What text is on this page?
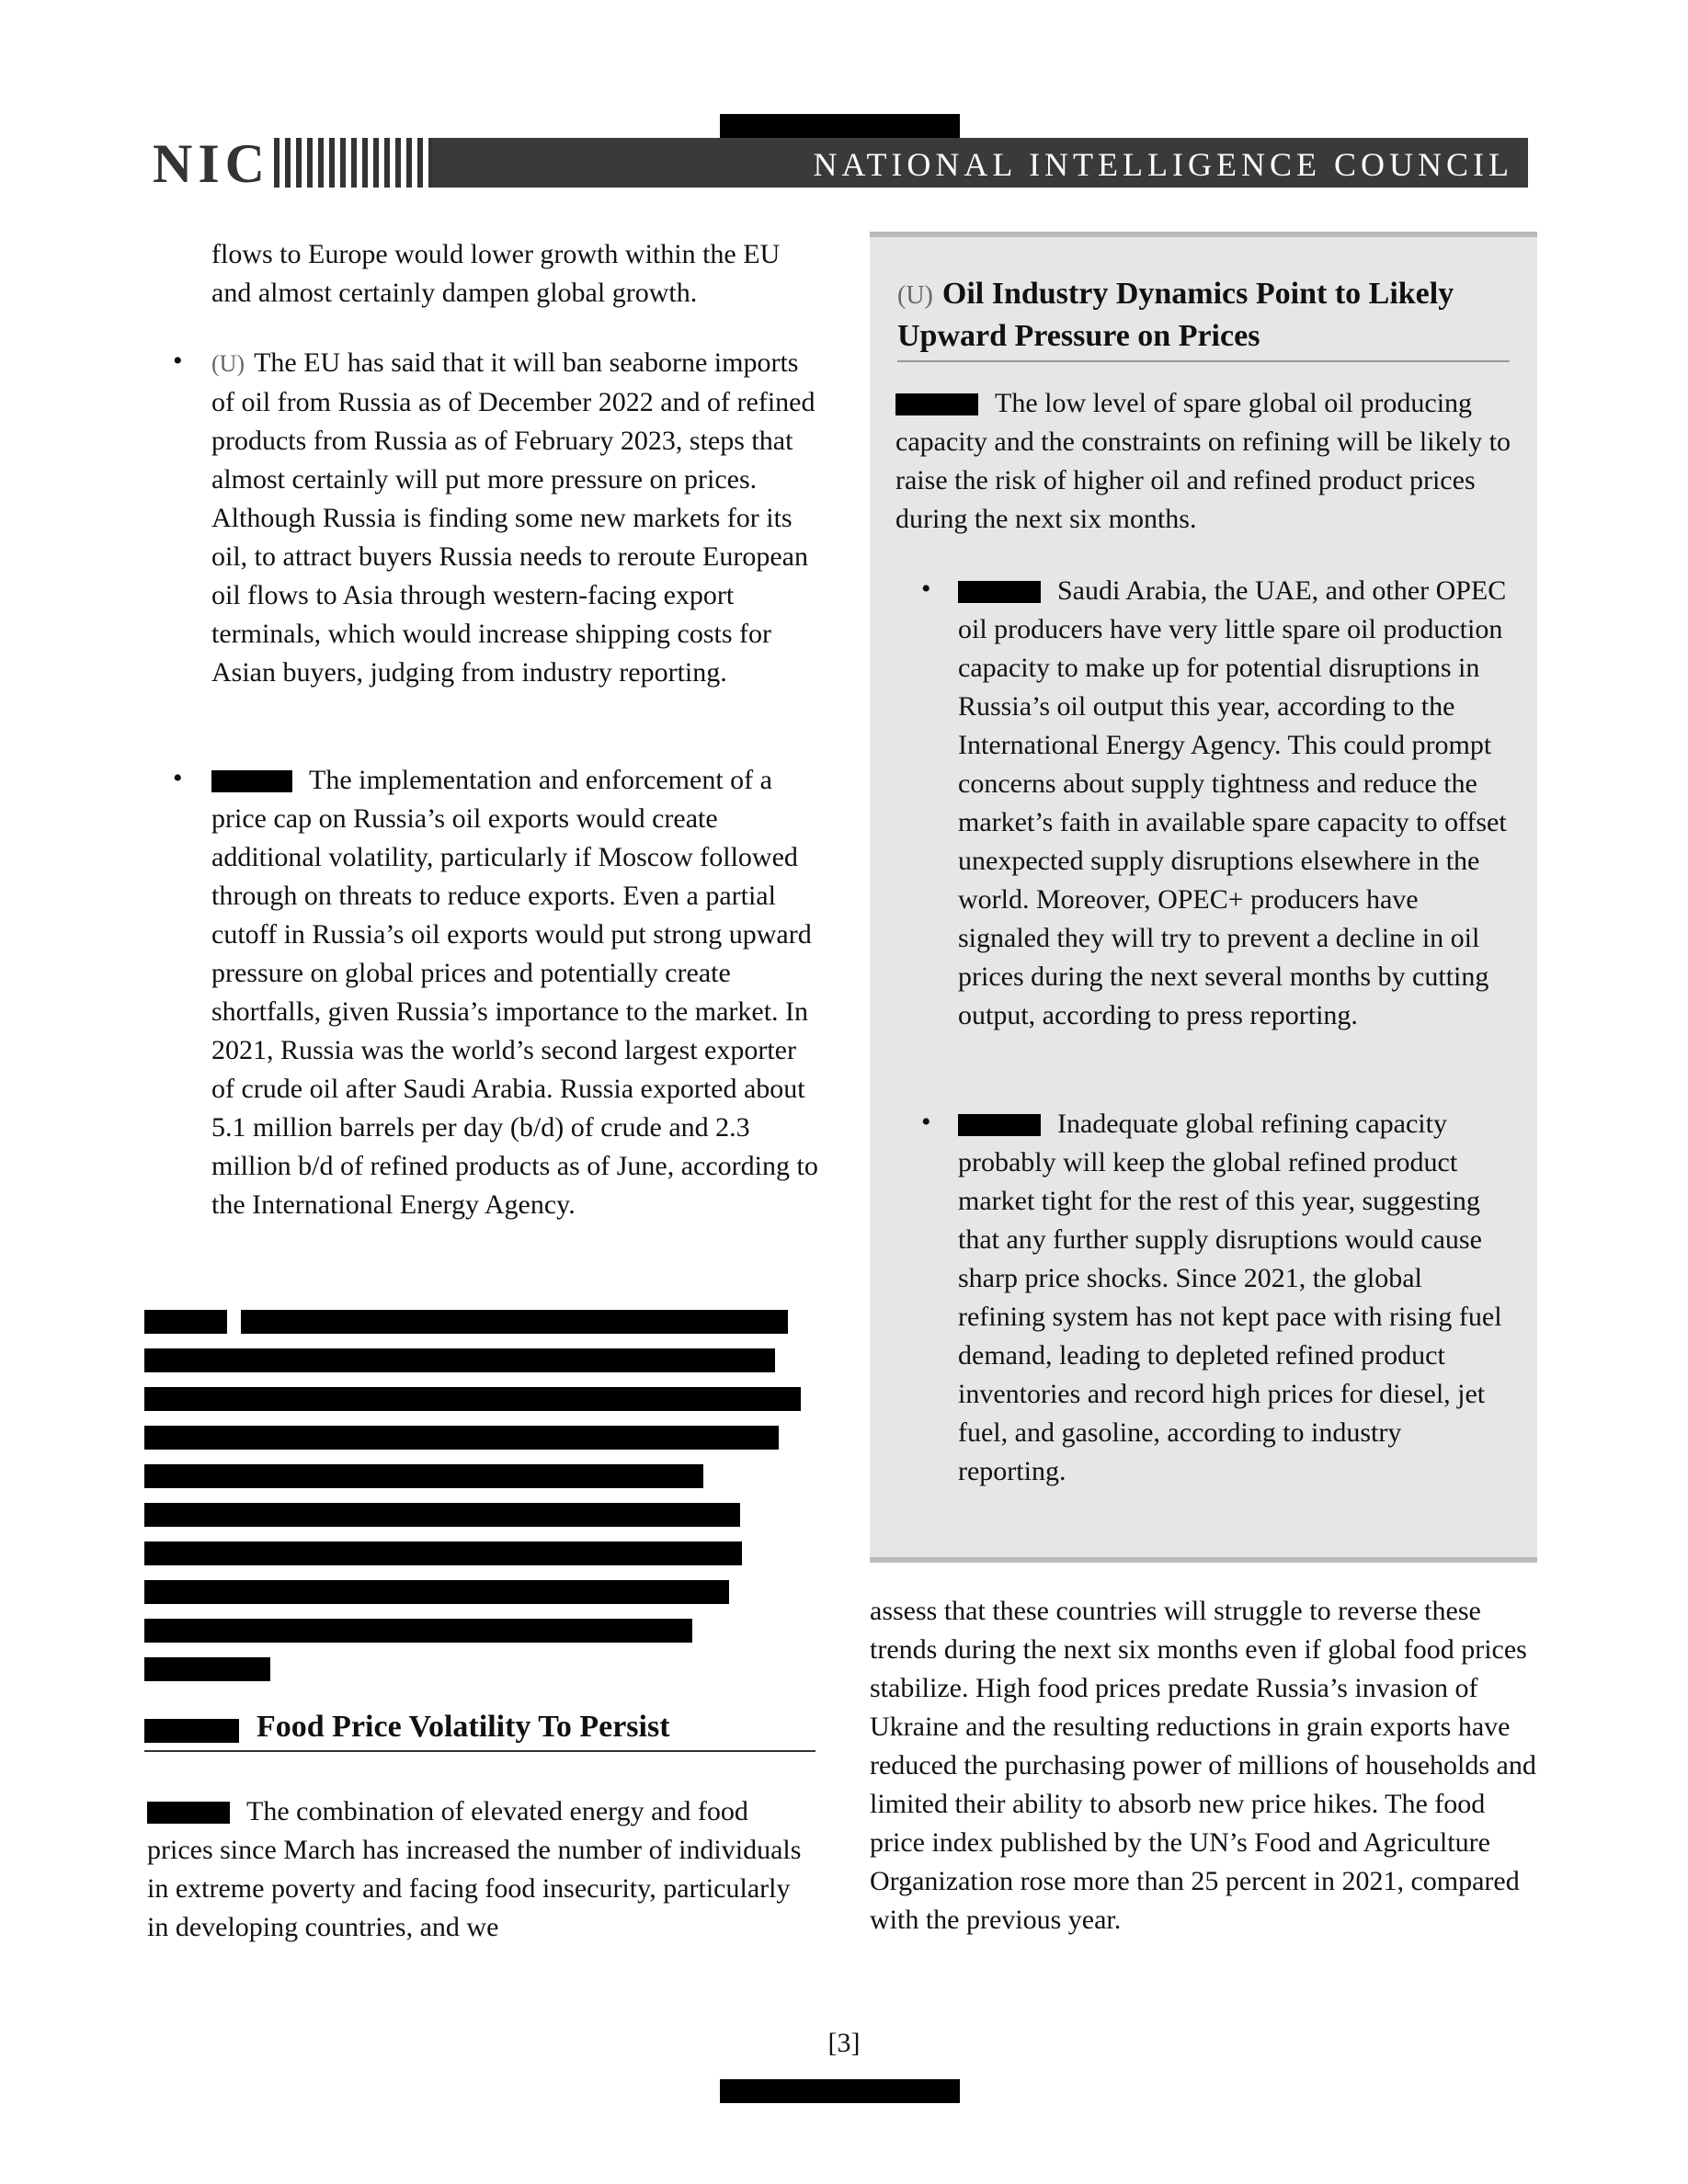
NIC	NATIONAL INTELLIGENCE COUNCIL

flows to Europe would lower growth within the EU and almost certainly dampen global growth.

• (U) The EU has said that it will ban seaborne imports of oil from Russia as of December 2022 and of refined products from Russia as of February 2023, steps that almost certainly will put more pressure on prices. Although Russia is finding some new markets for its oil, to attract buyers Russia needs to reroute European oil flows to Asia through western-facing export terminals, which would increase shipping costs for Asian buyers, judging from industry reporting.

•	The implementation and enforcement of a price cap on Russia’s oil exports would create additional volatility, particularly if Moscow followed through on threats to reduce exports. Even a partial cutoff in Russia’s oil exports would put strong upward pressure on global prices and potentially create shortfalls, given Russia’s importance to the market. In 2021, Russia was the world’s second largest exporter of crude oil after Saudi Arabia. Russia exported about 5.1 million barrels per day (b/d) of crude and 2.3 million b/d of refined products as of June, according to the International Energy Agency.

Food Price Volatility To Persist

The combination of elevated energy and food prices since March has increased the number of individuals in extreme poverty and facing food insecurity, particularly in developing countries, and we

(U) Oil Industry Dynamics Point to Likely Upward Pressure on Prices

The low level of spare global oil producing capacity and the constraints on refining will be likely to raise the risk of higher oil and refined product prices during the next six months.

•	Saudi Arabia, the UAE, and other OPEC oil producers have very little spare oil production capacity to make up for potential disruptions in Russia’s oil output this year, according to the International Energy Agency. This could prompt concerns about supply tightness and reduce the market’s faith in available spare capacity to offset unexpected supply disruptions elsewhere in the world. Moreover, OPEC+ producers have signaled they will try to prevent a decline in oil prices during the next several months by cutting output, according to press reporting.

•	Inadequate global refining capacity probably will keep the global refined product market tight for the rest of this year, suggesting that any further supply disruptions would cause sharp price shocks. Since 2021, the global refining system has not kept pace with rising fuel demand, leading to depleted refined product inventories and record high prices for diesel, jet fuel, and gasoline, according to industry reporting.

assess that these countries will struggle to reverse these trends during the next six months even if global food prices stabilize. High food prices predate Russia’s invasion of Ukraine and the resulting reductions in grain exports have reduced the purchasing power of millions of households and limited their ability to absorb new price hikes. The food price index published by the UN’s Food and Agriculture Organization rose more than 25 percent in 2021, compared with the previous year.

[3]
